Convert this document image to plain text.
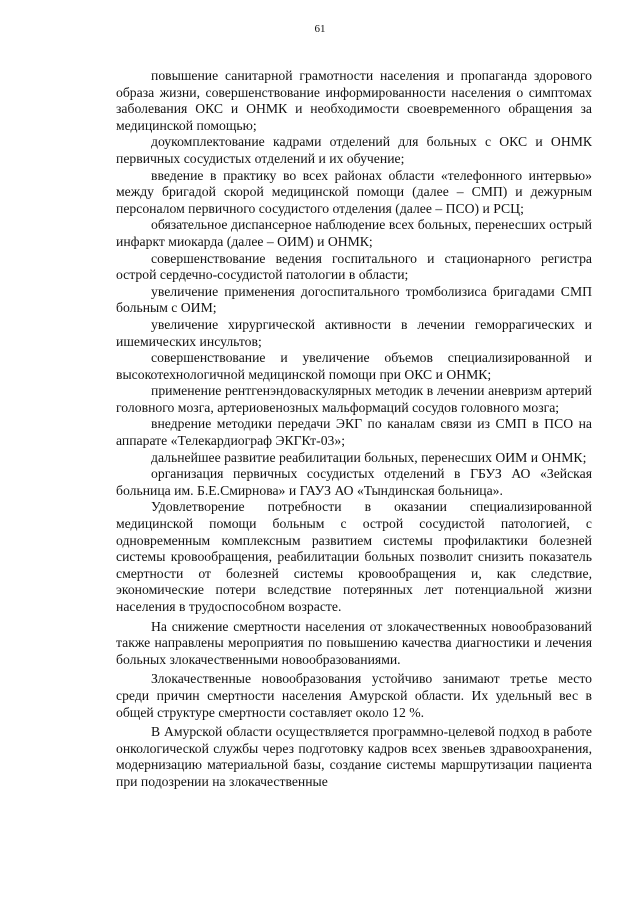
61

повышение санитарной грамотности населения и пропаганда здорового образа жизни, совершенствование информированности населения о симптомах заболевания ОКС и ОНМК и необходимости своевременного обращения за медицинской помощью;

доукомплектование кадрами отделений для больных с ОКС и ОНМК первичных сосудистых отделений и их обучение;

введение в практику во всех районах области «телефонного интервью» между бригадой скорой медицинской помощи (далее – СМП) и дежурным персоналом первичного сосудистого отделения (далее – ПСО) и РСЦ;

обязательное диспансерное наблюдение всех больных, перенесших острый инфаркт миокарда (далее – ОИМ) и ОНМК;

совершенствование ведения госпитального и стационарного регистра острой сердечно-сосудистой патологии в области;

увеличение применения догоспитального тромболизиса бригадами СМП больным с ОИМ;

увеличение хирургической активности в лечении геморрагических и ишемических инсультов;

совершенствование и увеличение объемов специализированной и высокотехнологичной медицинской помощи при ОКС и ОНМК;

применение рентгенэндоваскулярных методик в лечении аневризм артерий головного мозга, артериовенозных мальформаций сосудов головного мозга;

внедрение методики передачи ЭКГ по каналам связи из СМП в ПСО на аппарате «Телекардиограф ЭКГКт-03»;

дальнейшее развитие реабилитации больных, перенесших ОИМ и ОНМК;

организация первичных сосудистых отделений в ГБУЗ АО «Зейская больница им. Б.Е.Смирнова» и ГАУЗ АО «Тындинская больница».

Удовлетворение потребности в оказании специализированной медицинской помощи больным с острой сосудистой патологией, с одновременным комплексным развитием системы профилактики болезней системы кровообращения, реабилитации больных позволит снизить показатель смертности от болезней системы кровообращения и, как следствие, экономические потери вследствие потерянных лет потенциальной жизни населения в трудоспособном возрасте.

На снижение смертности населения от злокачественных новообразований также направлены мероприятия по повышению качества диагностики и лечения больных злокачественными новообразованиями.

Злокачественные новообразования устойчиво занимают третье место среди причин смертности населения Амурской области. Их удельный вес в общей структуре смертности составляет около 12 %.

В Амурской области осуществляется программно-целевой подход в работе онкологической службы через подготовку кадров всех звеньев здравоохранения, модернизацию материальной базы, создание системы маршрутизации пациента при подозрении на злокачественные
